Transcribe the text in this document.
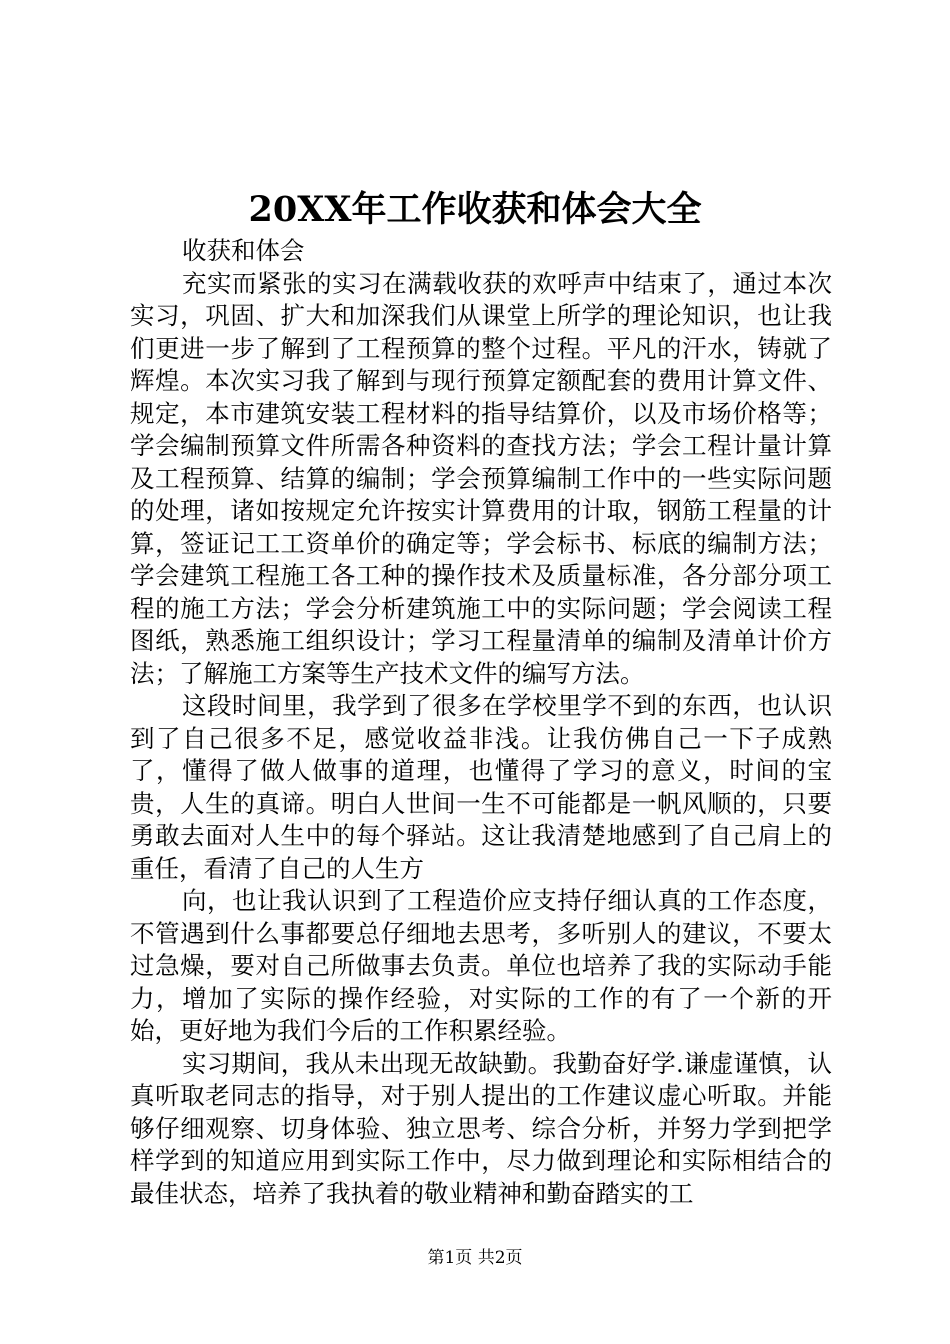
20XX年工作收获和体会大全

收获和体会

充实而紧张的实习在满载收获的欢呼声中结束了，通过本次实习，巩固、扩大和加深我们从课堂上所学的理论知识，也让我们更进一步了解到了工程预算的整个过程。平凡的汗水，铸就了辉煌。本次实习我了解到与现行预算定额配套的费用计算文件、规定，本市建筑安装工程材料的指导结算价，以及市场价格等；学会编制预算文件所需各种资料的查找方法；学会工程计量计算及工程预算、结算的编制；学会预算编制工作中的一些实际问题的处理，诸如按规定允许按实计算费用的计取，钢筋工程量的计算，签证记工工资单价的确定等；学会标书、标底的编制方法；学会建筑工程施工各工种的操作技术及质量标准，各分部分项工程的施工方法；学会分析建筑施工中的实际问题；学会阅读工程图纸，熟悉施工组织设计；学习工程量清单的编制及清单计价方法；了解施工方案等生产技术文件的编写方法。

这段时间里，我学到了很多在学校里学不到的东西，也认识到了自己很多不足，感觉收益非浅。让我仿佛自己一下子成熟了，懂得了做人做事的道理，也懂得了学习的意义，时间的宝贵，人生的真谛。明白人世间一生不可能都是一帆风顺的，只要勇敢去面对人生中的每个驿站。这让我清楚地感到了自己肩上的重任，看清了自己的人生方

向，也让我认识到了工程造价应支持仔细认真的工作态度，不管遇到什么事都要总仔细地去思考，多听别人的建议，不要太过急燥，要对自己所做事去负责。单位也培养了我的实际动手能力，增加了实际的操作经验，对实际的工作的有了一个新的开始，更好地为我们今后的工作积累经验。

实习期间，我从未出现无故缺勤。我勤奋好学.谦虚谨慎，认真听取老同志的指导，对于别人提出的工作建议虚心听取。并能够仔细观察、切身体验、独立思考、综合分析，并努力学到把学样学到的知道应用到实际工作中，尽力做到理论和实际相结合的最佳状态，培养了我执着的敬业精神和勤奋踏实的工

第1页 共2页
